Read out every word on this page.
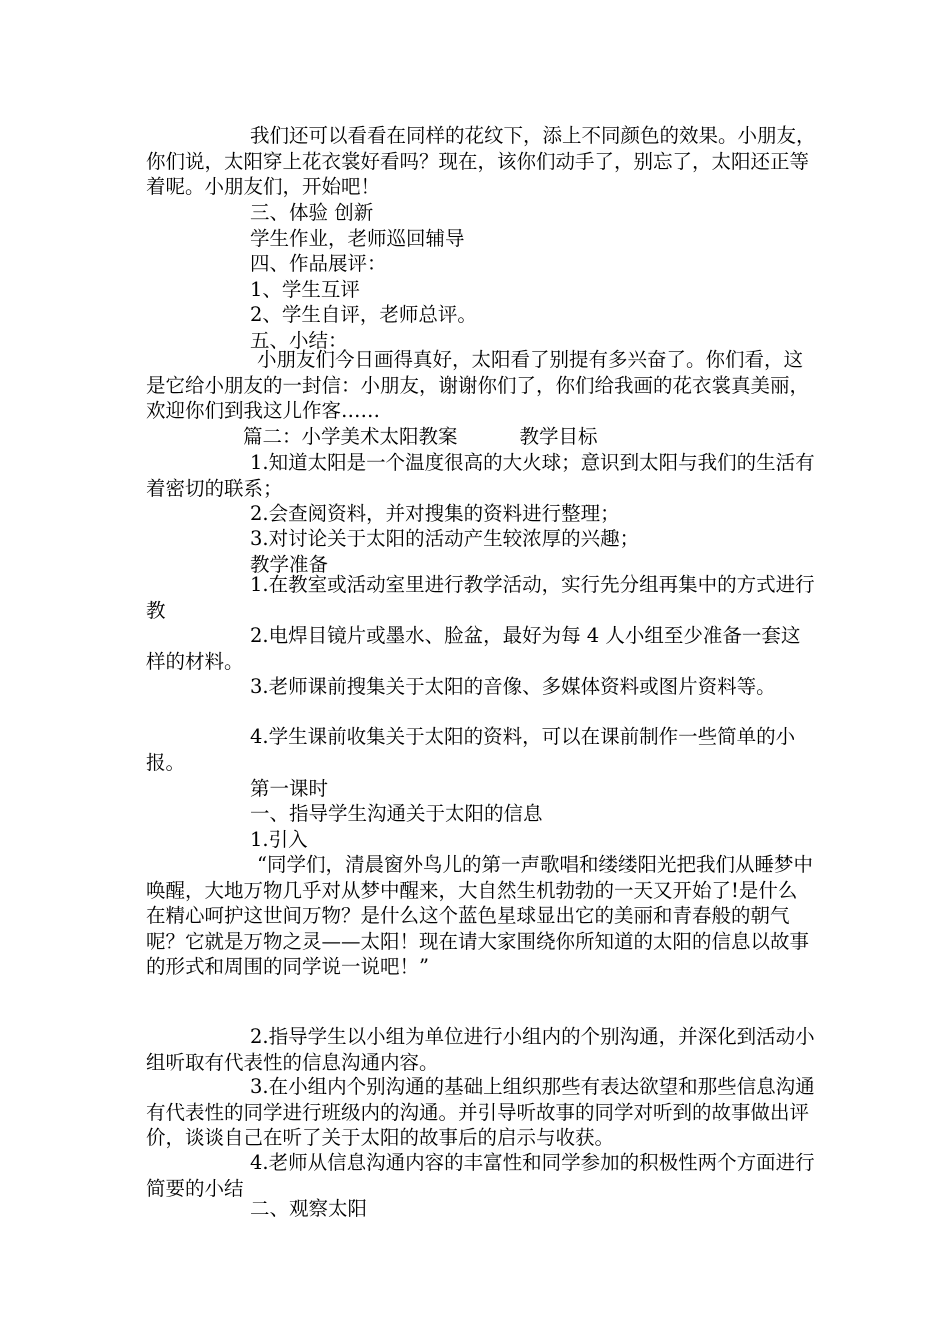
我们还可以看看在同样的花纹下，添上不同颜色的效果。小朋友，你们说，太阳穿上花衣裳好看吗？现在，该你们动手了，别忘了，太阳还正等着呢。小朋友们，开始吧！

三、体验 创新

学生作业，老师巡回辅导

四、作品展评：

1、学生互评

2、学生自评，老师总评。

五、小结：

小朋友们今日画得真好，太阳看了别提有多兴奋了。你们看，这是它给小朋友的一封信：小朋友，谢谢你们了，你们给我画的花衣裳真美丽，欢迎你们到我这儿作客……

篇二：小学美术太阳教案          教学目标

1.知道太阳是一个温度很高的大火球；意识到太阳与我们的生活有着密切的联系；

2.会查阅资料，并对搜集的资料进行整理；

3.对讨论关于太阳的活动产生较浓厚的兴趣；

教学准备

1.在教室或活动室里进行教学活动，实行先分组再集中的方式进行教

2.电焊目镜片或墨水、脸盆，最好为每 4 人小组至少准备一套这样的材料。

3.老师课前搜集关于太阳的音像、多媒体资料或图片资料等。

4.学生课前收集关于太阳的资料，可以在课前制作一些简单的小报。

第一课时

一、指导学生沟通关于太阳的信息

1.引入

“同学们，清晨窗外鸟儿的第一声歌唱和缕缕阳光把我们从睡梦中唤醒，大地万物几乎对从梦中醒来，大自然生机勃勃的一天又开始了!是什么在精心呵护这世间万物？是什么这个蓝色星球显出它的美丽和青春般的朝气呢？它就是万物之灵——太阳！现在请大家围绕你所知道的太阳的信息以故事的形式和周围的同学说一说吧！”

2.指导学生以小组为单位进行小组内的个别沟通，并深化到活动小组听取有代表性的信息沟通内容。

3.在小组内个别沟通的基础上组织那些有表达欲望和那些信息沟通有代表性的同学进行班级内的沟通。并引导听故事的同学对听到的故事做出评价，谈谈自己在听了关于太阳的故事后的启示与收获。

4.老师从信息沟通内容的丰富性和同学参加的积极性两个方面进行简要的小结

二、观察太阳
